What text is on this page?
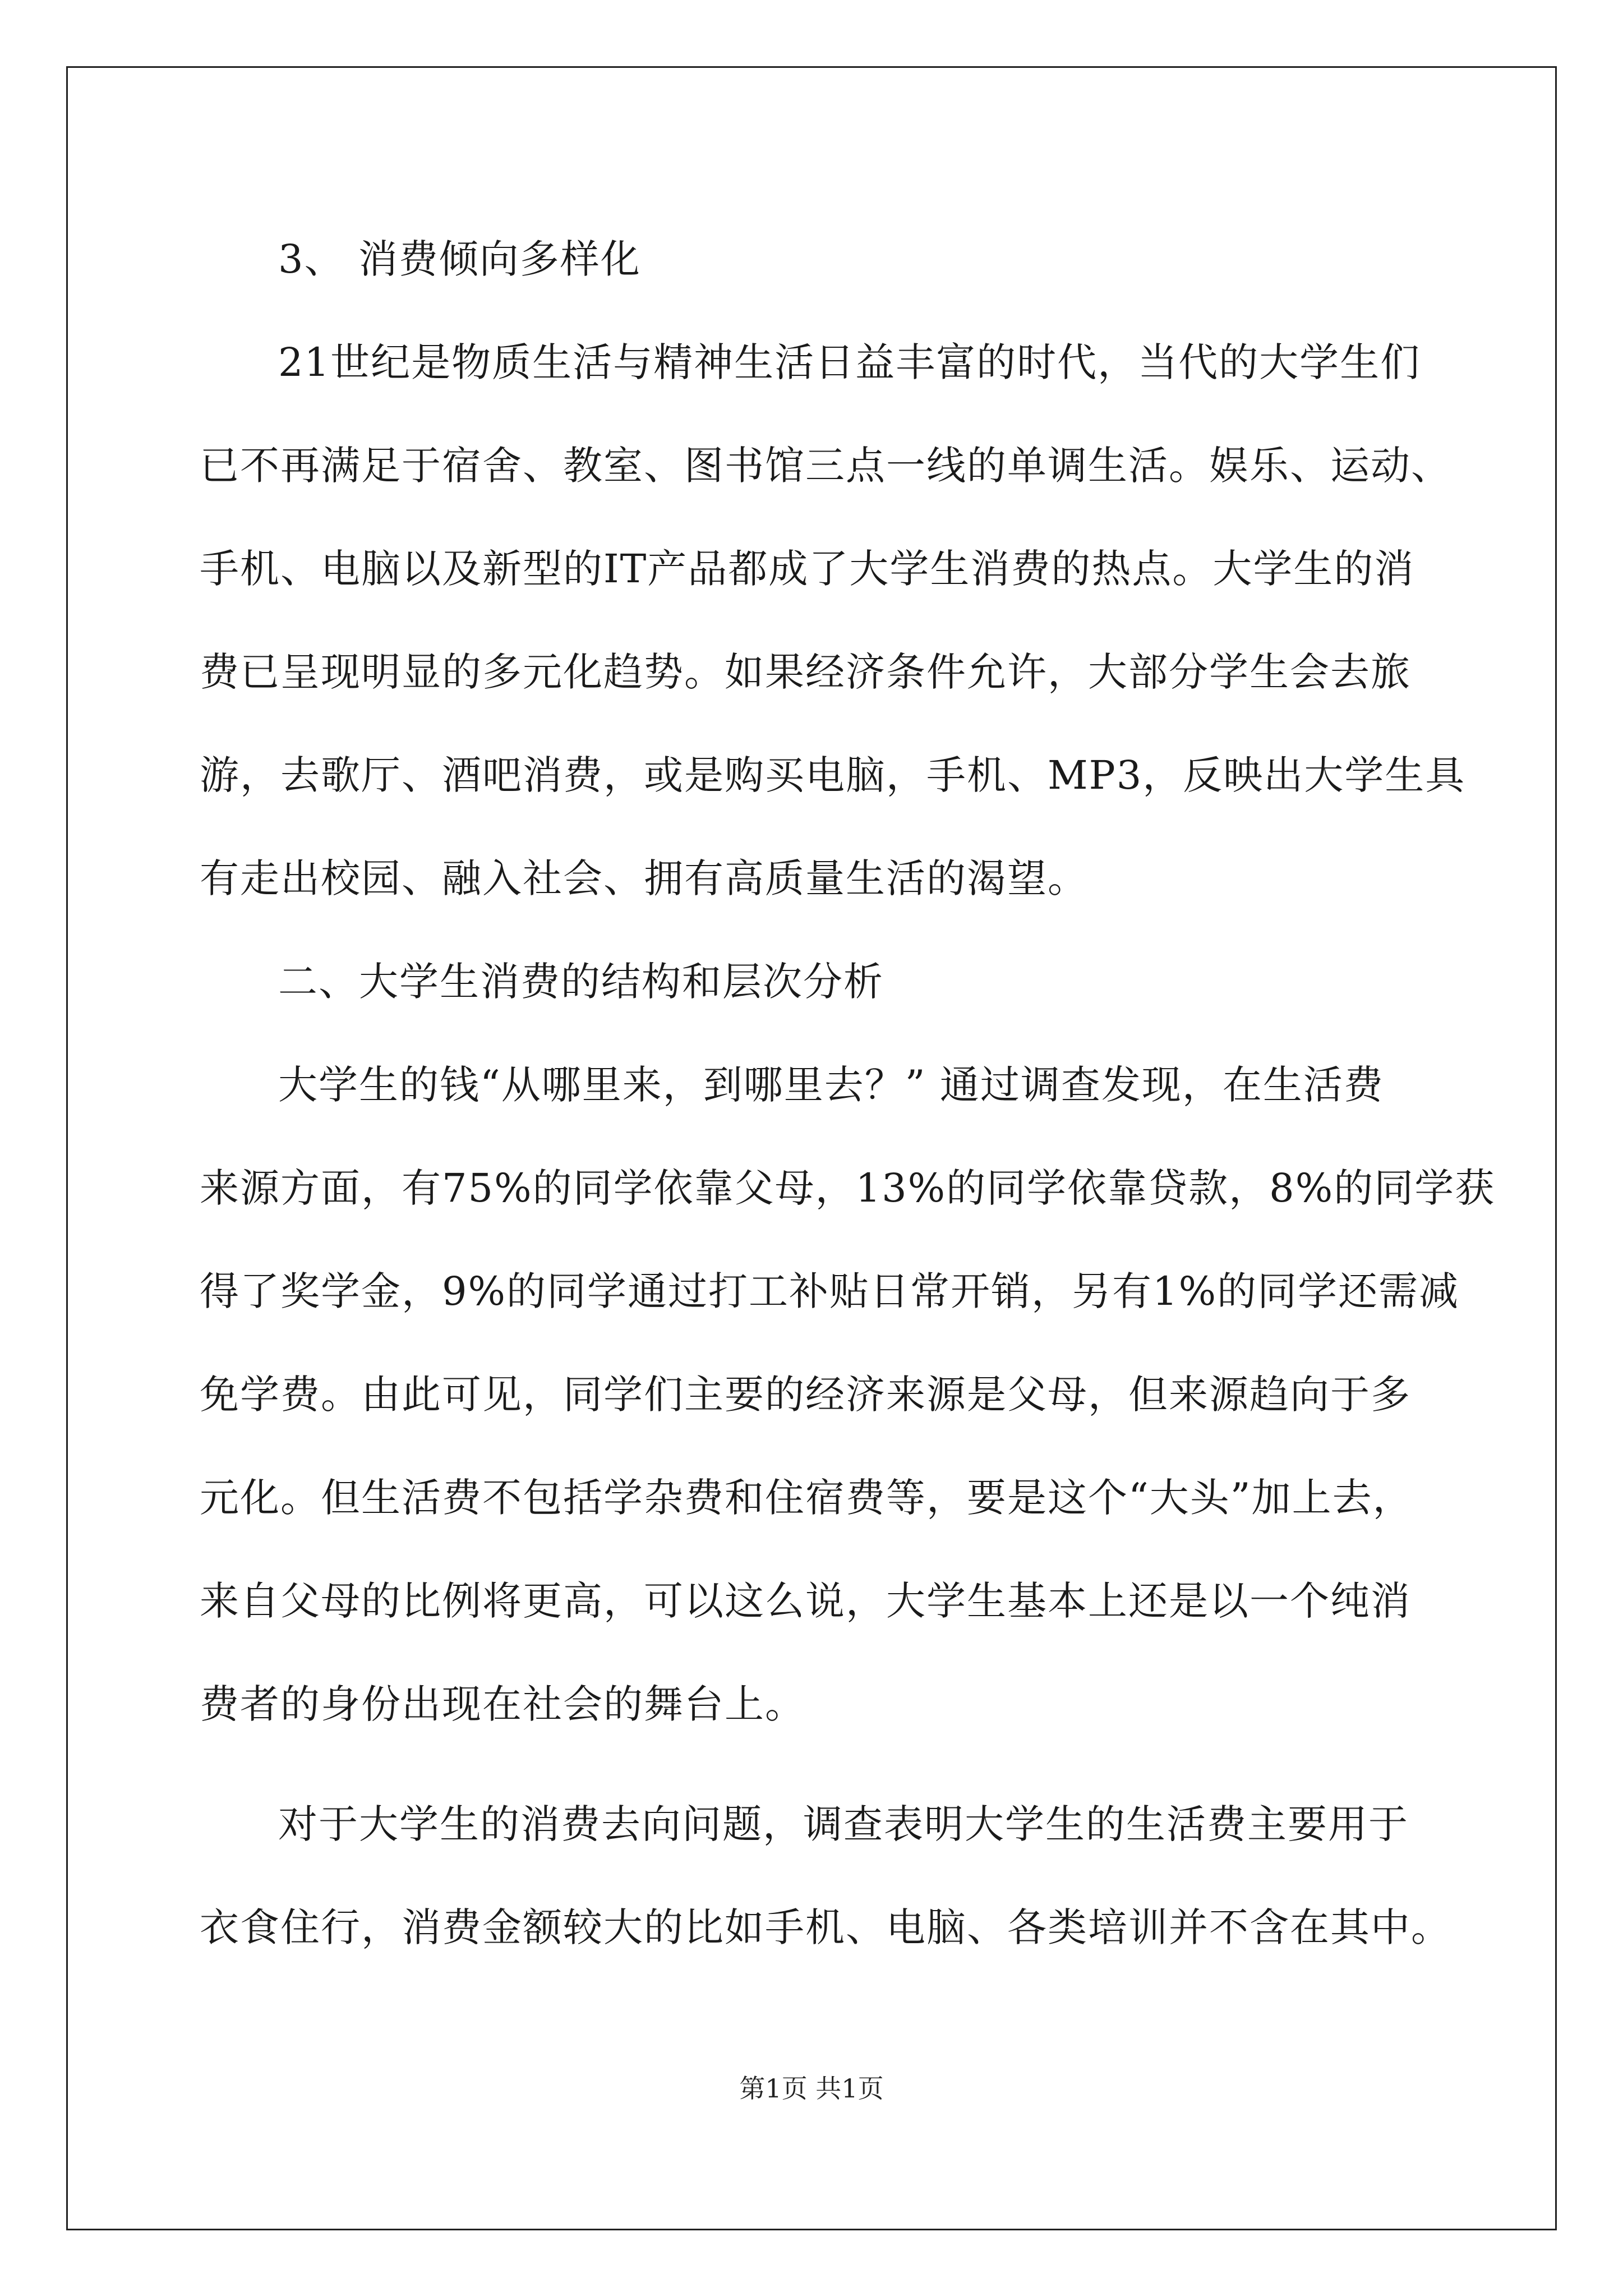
3、 消费倾向多样化
21世纪是物质生活与精神生活日益丰富的时代，当代的大学生们
已不再满足于宿舍、教室、图书馆三点一线的单调生活。娱乐、运动、
手机、电脑以及新型的IT产品都成了大学生消费的热点。大学生的消
费已呈现明显的多元化趋势。如果经济条件允许，大部分学生会去旅
游，去歌厅、酒吧消费，或是购买电脑，手机、MP3，反映出大学生具
有走出校园、融入社会、拥有高质量生活的渴望。
二、大学生消费的结构和层次分析
大学生的钱“从哪里来，到哪里去？” 通过调查发现，在生活费
来源方面，有75%的同学依靠父母，13%的同学依靠贷款，8%的同学获
得了奖学金，9%的同学通过打工补贴日常开销，另有1%的同学还需减
免学费。由此可见，同学们主要的经济来源是父母，但来源趋向于多
元化。但生活费不包括学杂费和住宿费等，要是这个“大头”加上去，
来自父母的比例将更高，可以这么说，大学生基本上还是以一个纯消
费者的身份出现在社会的舞台上。
对于大学生的消费去向问题，调查表明大学生的生活费主要用于
衣食住行，消费金额较大的比如手机、电脑、各类培训并不含在其中。
第1页 共1页
